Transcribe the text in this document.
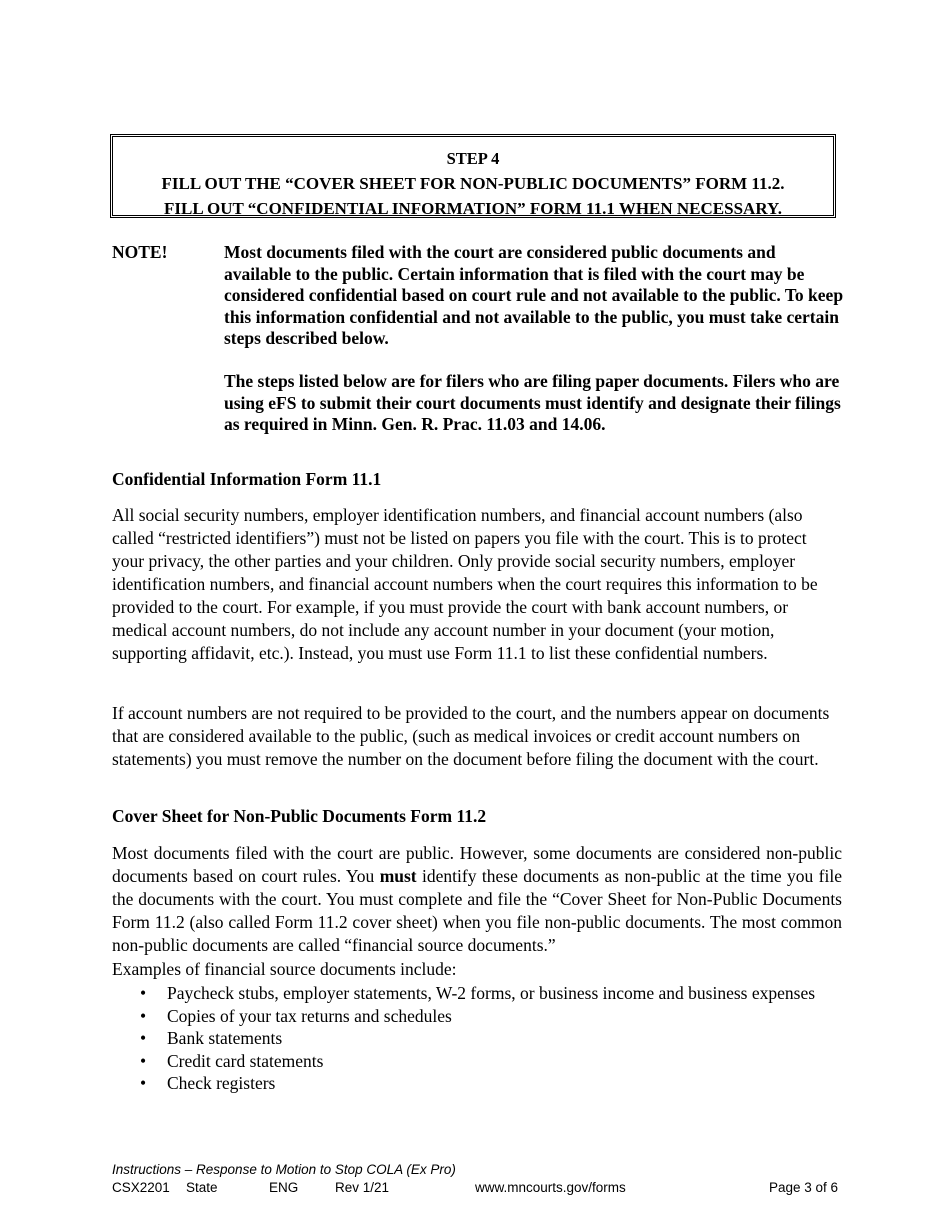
STEP 4
FILL OUT THE “COVER SHEET FOR NON-PUBLIC DOCUMENTS” FORM 11.2.
FILL OUT “CONFIDENTIAL INFORMATION” FORM 11.1 WHEN NECESSARY.
NOTE!	Most documents filed with the court are considered public documents and available to the public. Certain information that is filed with the court may be considered confidential based on court rule and not available to the public. To keep this information confidential and not available to the public, you must take certain steps described below.
The steps listed below are for filers who are filing paper documents. Filers who are using eFS to submit their court documents must identify and designate their filings as required in Minn. Gen. R. Prac. 11.03 and 14.06.
Confidential Information Form 11.1
All social security numbers, employer identification numbers, and financial account numbers (also called “restricted identifiers”) must not be listed on papers you file with the court. This is to protect your privacy, the other parties and your children. Only provide social security numbers, employer identification numbers, and financial account numbers when the court requires this information to be provided to the court. For example, if you must provide the court with bank account numbers, or medical account numbers, do not include any account number in your document (your motion, supporting affidavit, etc.). Instead, you must use Form 11.1 to list these confidential numbers.
If account numbers are not required to be provided to the court, and the numbers appear on documents that are considered available to the public, (such as medical invoices or credit account numbers on statements) you must remove the number on the document before filing the document with the court.
Cover Sheet for Non-Public Documents Form 11.2
Most documents filed with the court are public. However, some documents are considered non-public documents based on court rules. You must identify these documents as non-public at the time you file the documents with the court. You must complete and file the “Cover Sheet for Non-Public Documents Form 11.2 (also called Form 11.2 cover sheet) when you file non-public documents. The most common non-public documents are called “financial source documents.”
Examples of financial source documents include:
• Paycheck stubs, employer statements, W-2 forms, or business income and business expenses
• Copies of your tax returns and schedules
• Bank statements
• Credit card statements
• Check registers
Instructions – Response to Motion to Stop COLA (Ex Pro)
CSX2201 State	ENG	Rev 1/21	www.mncourts.gov/forms	Page 3 of 6
